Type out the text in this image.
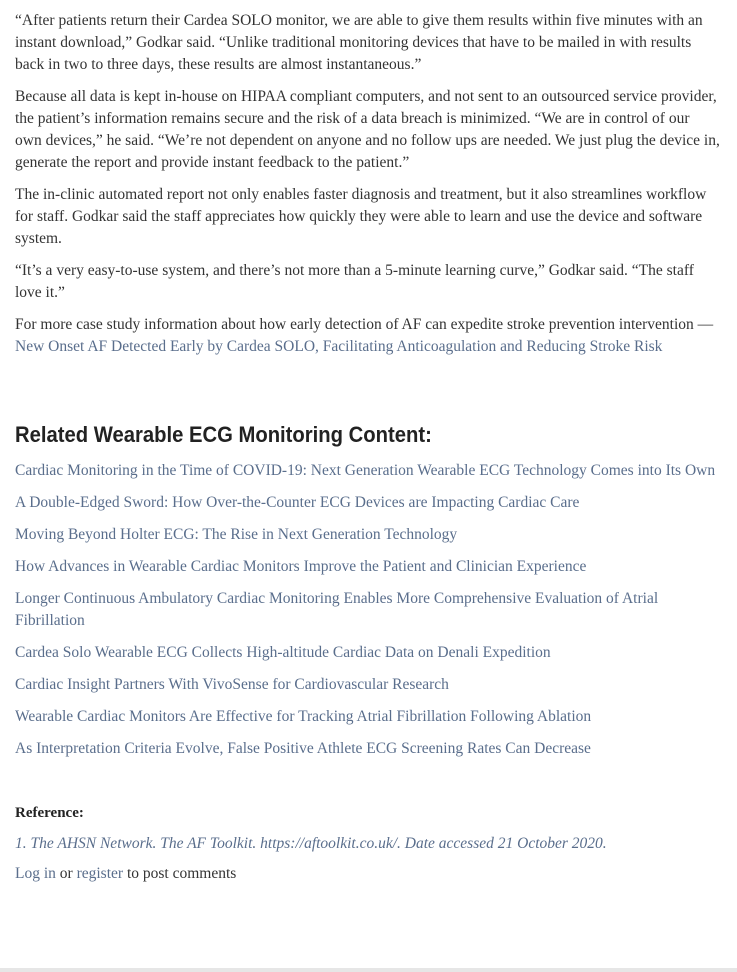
“After patients return their Cardea SOLO monitor, we are able to give them results within five minutes with an instant download,” Godkar said. “Unlike traditional monitoring devices that have to be mailed in with results back in two to three days, these results are almost instantaneous.”

Because all data is kept in-house on HIPAA compliant computers, and not sent to an outsourced service provider, the patient’s information remains secure and the risk of a data breach is minimized. “We are in control of our own devices,” he said. “We’re not dependent on anyone and no follow ups are needed. We just plug the device in, generate the report and provide instant feedback to the patient.”

The in-clinic automated report not only enables faster diagnosis and treatment, but it also streamlines workflow for staff. Godkar said the staff appreciates how quickly they were able to learn and use the device and software system.

“It’s a very easy-to-use system, and there’s not more than a 5-minute learning curve,” Godkar said. “The staff love it.”

For more case study information about how early detection of AF can expedite stroke prevention intervention — New Onset AF Detected Early by Cardea SOLO, Facilitating Anticoagulation and Reducing Stroke Risk

Related Wearable ECG Monitoring Content:
Cardiac Monitoring in the Time of COVID-19: Next Generation Wearable ECG Technology Comes into Its Own
A Double-Edged Sword: How Over-the-Counter ECG Devices are Impacting Cardiac Care
Moving Beyond Holter ECG: The Rise in Next Generation Technology
How Advances in Wearable Cardiac Monitors Improve the Patient and Clinician Experience
Longer Continuous Ambulatory Cardiac Monitoring Enables More Comprehensive Evaluation of Atrial Fibrillation
Cardea Solo Wearable ECG Collects High-altitude Cardiac Data on Denali Expedition
Cardiac Insight Partners With VivoSense for Cardiovascular Research
Wearable Cardiac Monitors Are Effective for Tracking Atrial Fibrillation Following Ablation
As Interpretation Criteria Evolve, False Positive Athlete ECG Screening Rates Can Decrease
Reference:
1. The AHSN Network. The AF Toolkit. https://aftoolkit.co.uk/. Date accessed 21 October 2020.
Log in or register to post comments
